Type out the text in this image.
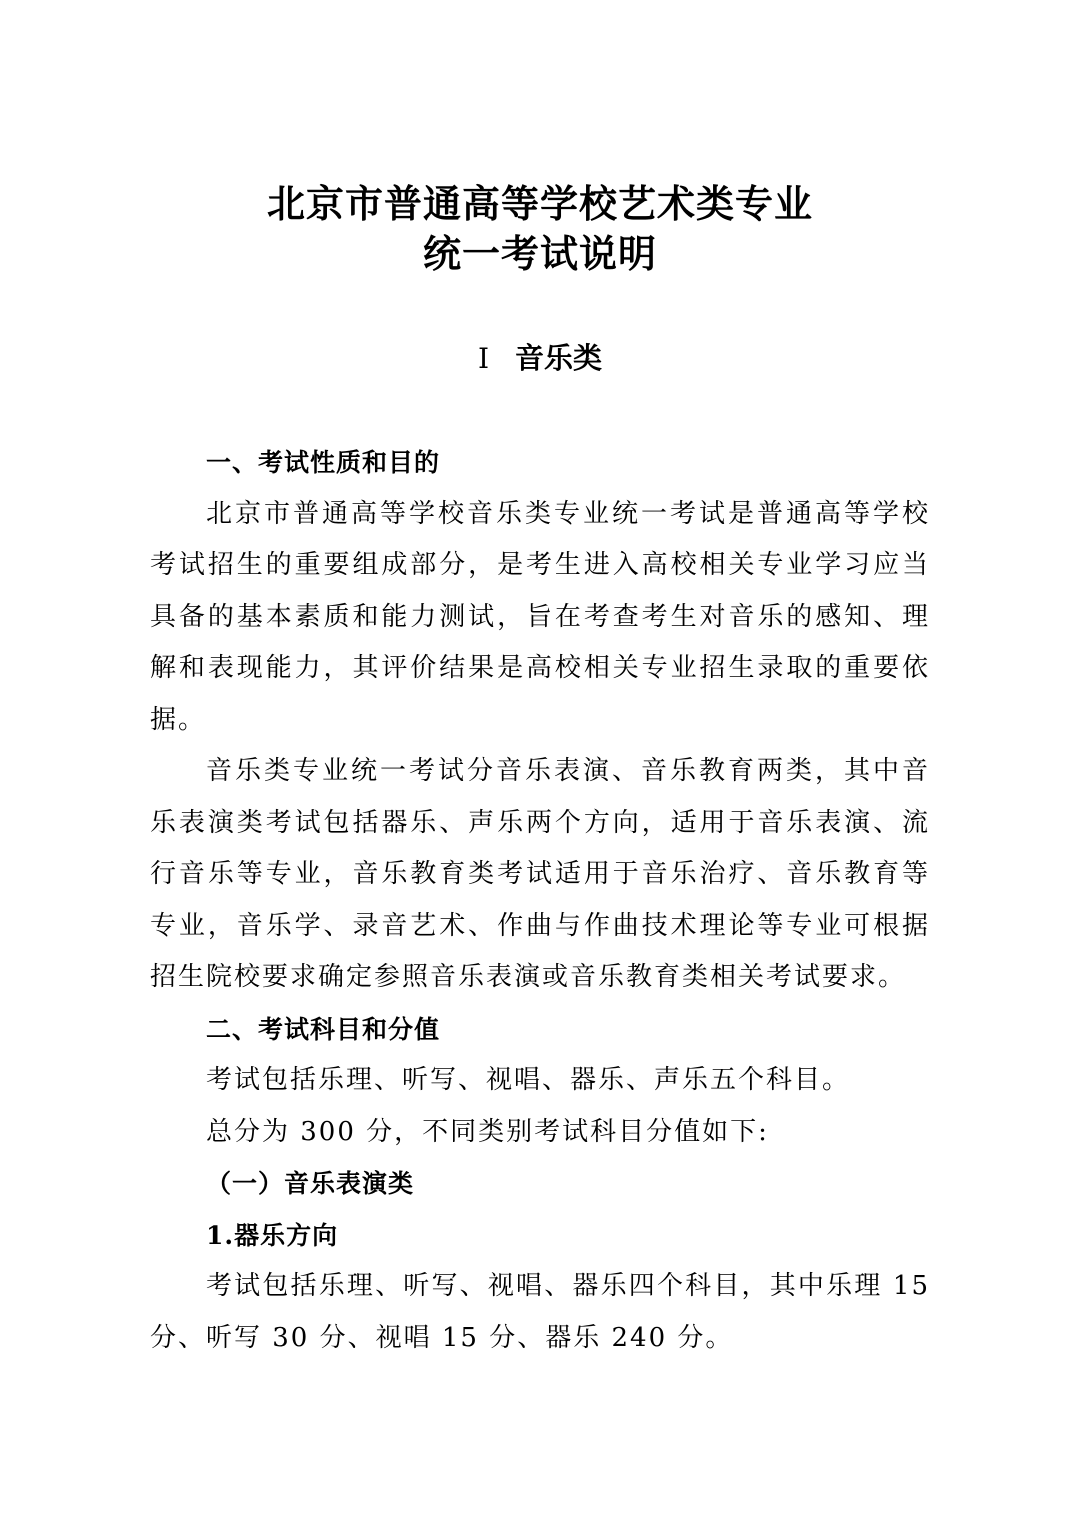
北京市普通高等学校艺术类专业
统一考试说明
Ⅰ 音乐类

一、考试性质和目的

北京市普通高等学校音乐类专业统一考试是普通高等学校考试招生的重要组成部分，是考生进入高校相关专业学习应当具备的基本素质和能力测试，旨在考查考生对音乐的感知、理解和表现能力，其评价结果是高校相关专业招生录取的重要依据。

音乐类专业统一考试分音乐表演、音乐教育两类，其中音乐表演类考试包括器乐、声乐两个方向，适用于音乐表演、流行音乐等专业，音乐教育类考试适用于音乐治疗、音乐教育等专业，音乐学、录音艺术、作曲与作曲技术理论等专业可根据招生院校要求确定参照音乐表演或音乐教育类相关考试要求。

二、考试科目和分值

考试包括乐理、听写、视唱、器乐、声乐五个科目。

总分为 300 分，不同类别考试科目分值如下:

（一）音乐表演类

1.器乐方向

考试包括乐理、听写、视唱、器乐四个科目，其中乐理 15 分、听写 30 分、视唱 15 分、器乐 240 分。
